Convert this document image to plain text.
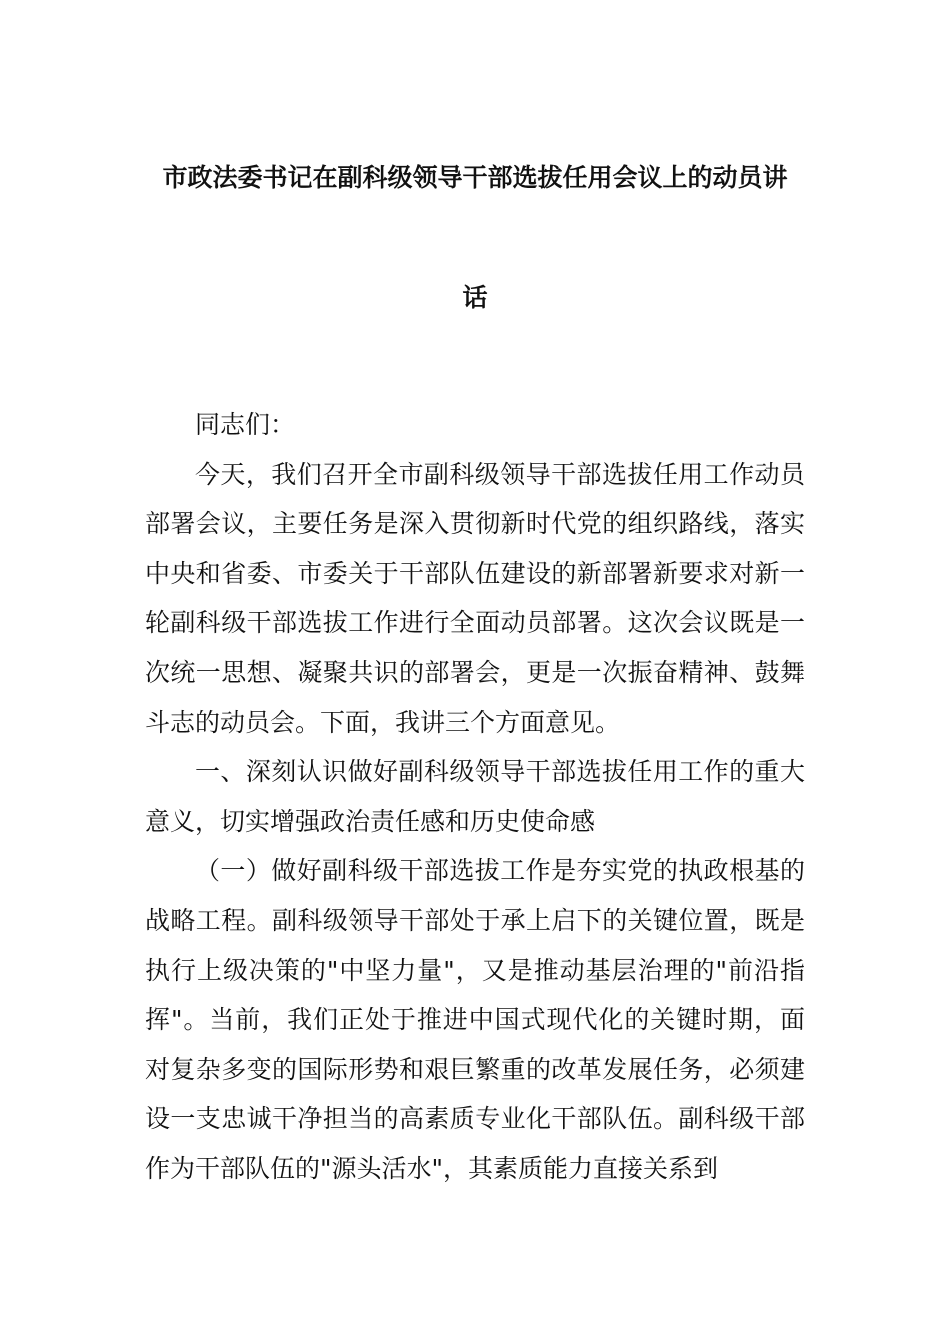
市政法委书记在副科级领导干部选拔任用会议上的动员讲
话

同志们：

今天，我们召开全市副科级领导干部选拔任用工作动员部署会议，主要任务是深入贯彻新时代党的组织路线，落实中央和省委、市委关于干部队伍建设的新部署新要求对新一轮副科级干部选拔工作进行全面动员部署。这次会议既是一次统一思想、凝聚共识的部署会，更是一次振奋精神、鼓舞斗志的动员会。下面，我讲三个方面意见。

一、深刻认识做好副科级领导干部选拔任用工作的重大意义，切实增强政治责任感和历史使命感

（一）做好副科级干部选拔工作是夯实党的执政根基的战略工程。副科级领导干部处于承上启下的关键位置，既是执行上级决策的"中坚力量"，又是推动基层治理的"前沿指挥"。当前，我们正处于推进中国式现代化的关键时期，面对复杂多变的国际形势和艰巨繁重的改革发展任务，必须建设一支忠诚干净担当的高素质专业化干部队伍。副科级干部作为干部队伍的"源头活水"，其素质能力直接关系到
